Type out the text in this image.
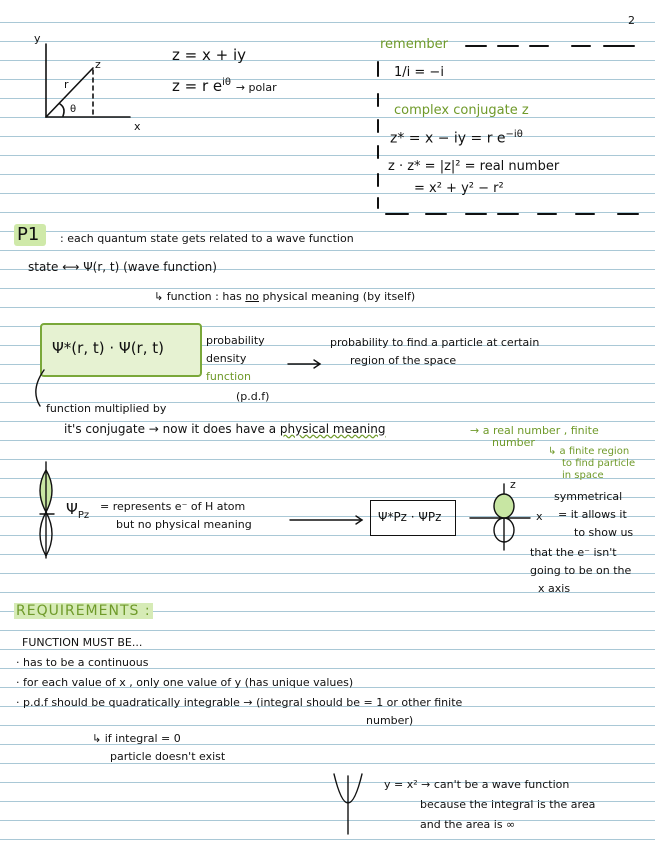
2
y
x
z
r
θ
z = x + iy
z = r $e^{i\theta}$ → polar
remember
1/i = −i
complex conjugate z
z* = x − iy = r $e^{-i\theta}$
z · z* = |z|² = real number
= x² + y² − r²
P1 : each quantum state gets related to a wave function
state ⟷ Ψ(r, t) (wave function)
↳ function : has no physical meaning (by itself)
Ψ*(r, t) · Ψ(r, t)	probability
density
function
(p.d.f)
probability to find a particle at certain
region of the space
function multiplied by
it's conjugate → now it does have a physical meaning	→ a real number , finite
number
↳ a finite region
to find particle
in space
$\Psi_{Pz}$
= represents e⁻ of H atom
but no physical meaning
Ψ*Pz · ΨPz
z
x
symmetrical
= it allows it
to show us
that the e⁻ isn't
going to be on the
x axis
REQUIREMENTS :
FUNCTION MUST BE...
· has to be a continuous
· for each value of x , only one value of y (has unique values)
· p.d.f should be quadratically integrable → (integral should be = 1 or other finite
number)
↳ if integral = 0
particle doesn't exist
y = x² → can't be a wave function
because the integral is the area
and the area is ∞
